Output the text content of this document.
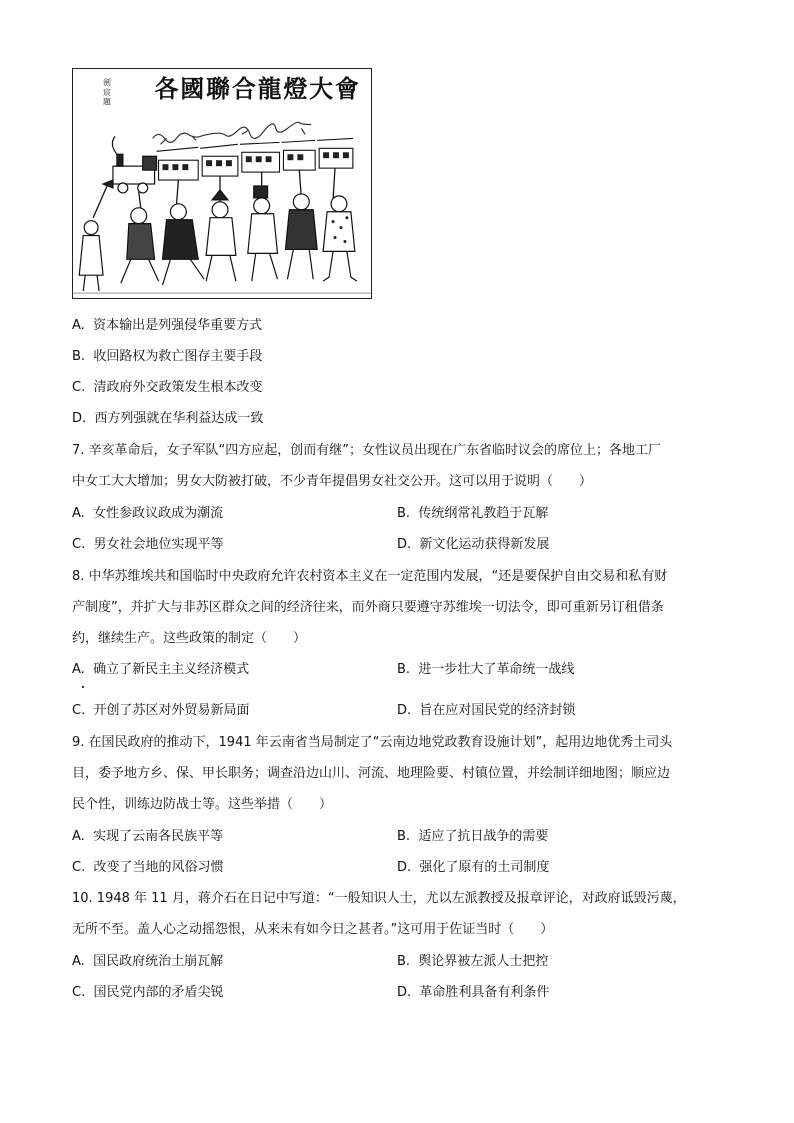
各國聯合龍燈大會
劍
宸
題
A. 资本输出是列强侵华重要方式
B. 收回路权为救亡图存主要手段
C. 清政府外交政策发生根本改变
D. 西方列强就在华利益达成一致
7. 辛亥革命后，女子军队“四方应起，创而有继”；女性议员出现在广东省临时议会的席位上；各地工厂
中女工大大增加；男女大防被打破，不少青年提倡男女社交公开。这可以用于说明（　　）
A. 女性参政议政成为潮流	B. 传统纲常礼教趋于瓦解
C. 男女社会地位实现平等	D. 新文化运动获得新发展
8. 中华苏维埃共和国临时中央政府允许农村资本主义在一定范围内发展，“还是要保护自由交易和私有财
产制度”，并扩大与非苏区群众之间的经济往来，而外商只要遵守苏维埃一切法令，即可重新另订租借条
约，继续生产。这些政策的制定（　　）
A. 确立了新民主主义经济模式	B. 进一步壮大了革命统一战线
C. 开创了苏区对外贸易新局面	D. 旨在应对国民党的经济封锁
9. 在国民政府的推动下，1941 年云南省当局制定了“云南边地党政教育设施计划”，起用边地优秀土司头
目，委予地方乡、保、甲长职务；调查沿边山川、河流、地理险要、村镇位置，并绘制详细地图；顺应边
民个性，训练边防战士等。这些举措（　　）
A. 实现了云南各民族平等	B. 适应了抗日战争的需要
C. 改变了当地的风俗习惯	D. 强化了原有的土司制度
10. 1948 年 11 月，蒋介石在日记中写道：“一般知识人士，尤以左派教授及报章评论，对政府诋毁污蔑，
无所不至。盖人心之动摇怨恨，从来未有如今日之甚者。”这可用于佐证当时（　　）
A. 国民政府统治土崩瓦解	B. 舆论界被左派人士把控
C. 国民党内部的矛盾尖锐	D. 革命胜利具备有利条件
